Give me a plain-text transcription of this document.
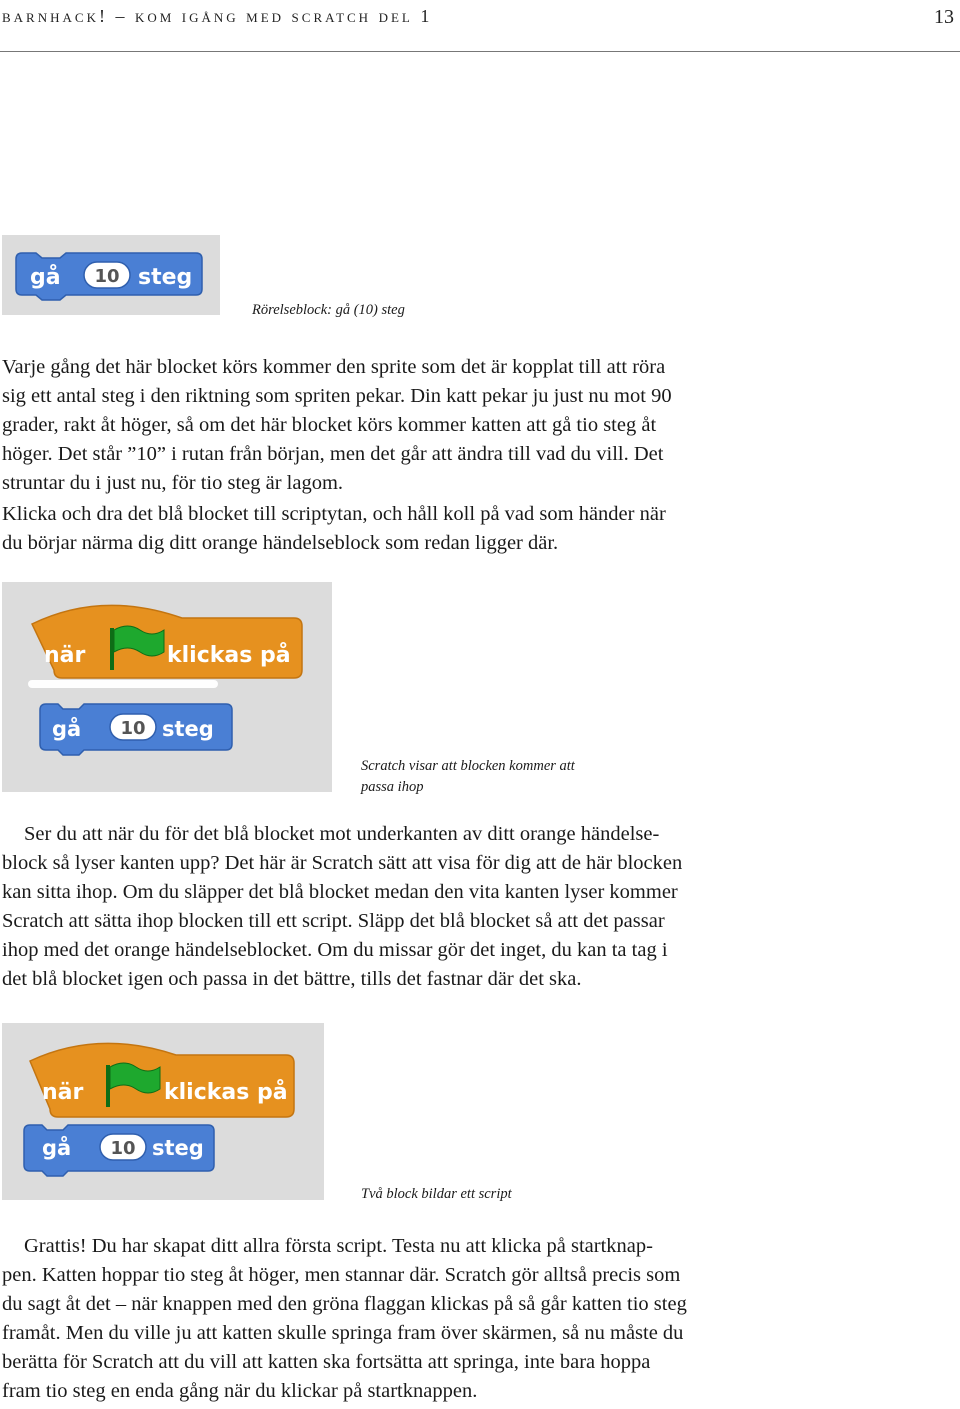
barnhack! – kom igång med scratch del 1	13
gå 10 steg
Rörelseblock: gå (10) steg
Varje gång det här blocket körs kommer den sprite som det är kopplat till att röra
sig ett antal steg i den riktning som spriten pekar. Din katt pekar ju just nu mot 90
grader, rakt åt höger, så om det här blocket körs kommer katten att gå tio steg åt
höger. Det står ”10” i rutan från början, men det går att ändra till vad du vill. Det
struntar du i just nu, för tio steg är lagom.
Klicka och dra det blå blocket till scriptytan, och håll koll på vad som händer när
du börjar närma dig ditt orange händelseblock som redan ligger där.
när	klickas på
gå 10 steg
Scratch visar att blocken kommer att
passa ihop
Ser du att när du för det blå blocket mot underkanten av ditt orange händelse-
block så lyser kanten upp? Det här är Scratch sätt att visa för dig att de här blocken
kan sitta ihop. Om du släpper det blå blocket medan den vita kanten lyser kommer
Scratch att sätta ihop blocken till ett script. Släpp det blå blocket så att det passar
ihop med det orange händelseblocket. Om du missar gör det inget, du kan ta tag i
det blå blocket igen och passa in det bättre, tills det fastnar där det ska.
när	klickas på
gå 10 steg
Två block bildar ett script
Grattis! Du har skapat ditt allra första script. Testa nu att klicka på startknap-
pen. Katten hoppar tio steg åt höger, men stannar där. Scratch gör alltså precis som
du sagt åt det – när knappen med den gröna flaggan klickas på så går katten tio steg
framåt. Men du ville ju att katten skulle springa fram över skärmen, så nu måste du
berätta för Scratch att du vill att katten ska fortsätta att springa, inte bara hoppa
fram tio steg en enda gång när du klickar på startknappen.
